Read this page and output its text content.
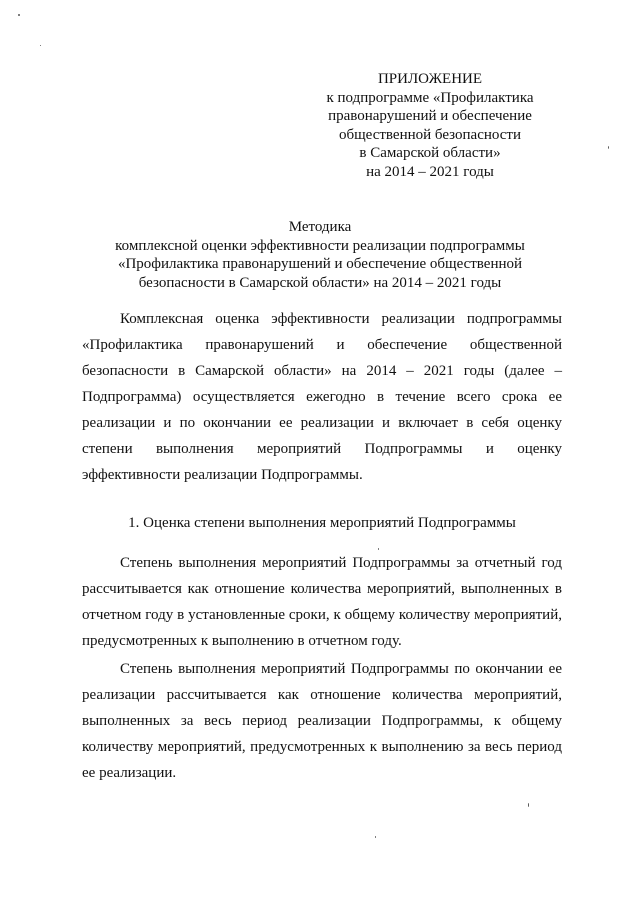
ПРИЛОЖЕНИЕ
к подпрограмме «Профилактика
правонарушений и обеспечение
общественной безопасности
в Самарской области»
на 2014 – 2021 годы
Методика
комплексной оценки эффективности реализации подпрограммы
«Профилактика правонарушений и обеспечение общественной
безопасности в Самарской области» на 2014 – 2021 годы

Комплексная оценка эффективности реализации подпрограммы «Профилактика правонарушений и обеспечение общественной безопасности в Самарской области» на 2014 – 2021 годы (далее – Подпрограмма) осуществляется ежегодно в течение всего срока ее реализации и по окончании ее реализации и включает в себя оценку степени выполнения мероприятий Подпрограммы и оценку эффективности реализации Подпрограммы.

1. Оценка степени выполнения мероприятий Подпрограммы

Степень выполнения мероприятий Подпрограммы за отчетный год рассчитывается как отношение количества мероприятий, выполненных в отчетном году в установленные сроки, к общему количеству мероприятий, предусмотренных к выполнению в отчетном году.

Степень выполнения мероприятий Подпрограммы по окончании ее реализации рассчитывается как отношение количества мероприятий, выполненных за весь период реализации Подпрограммы, к общему количеству мероприятий, предусмотренных к выполнению за весь период ее реализации.
